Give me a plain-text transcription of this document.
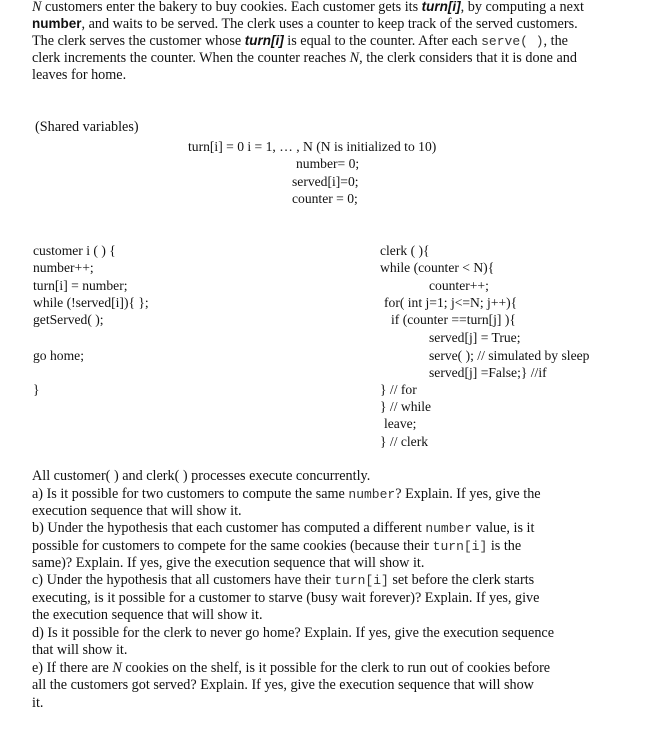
N customers enter the bakery to buy cookies. Each customer gets its turn[i], by computing a next
number, and waits to be served. The clerk uses a counter to keep track of the served customers.
The clerk serves the customer whose turn[i] is equal to the counter. After each serve( ), the
clerk increments the counter. When the counter reaches N, the clerk considers that it is done and
leaves for home.
(Shared variables)
turn[i] = 0 i = 1, … , N (N is initialized to 10)
number= 0;
served[i]=0;
counter = 0;
customer i ( ) {
number++;
turn[i] = number;
while (!served[i]){ };
getServed( );
go home;
}
clerk ( ){
while (counter < N){
counter++;
for( int j=1; j<=N; j++){
if (counter ==turn[j] ){
served[j] = True;
serve( ); // simulated by sleep
served[j] =False;} //if
} // for
} // while
leave;
} // clerk
All customer( ) and clerk( ) processes execute concurrently.
a) Is it possible for two customers to compute the same number? Explain. If yes, give the
execution sequence that will show it.
b) Under the hypothesis that each customer has computed a different number value, is it
possible for customers to compete for the same cookies (because their turn[i] is the
same)? Explain. If yes, give the execution sequence that will show it.
c) Under the hypothesis that all customers have their turn[i] set before the clerk starts
executing, is it possible for a customer to starve (busy wait forever)? Explain. If yes, give
the execution sequence that will show it.
d) Is it possible for the clerk to never go home? Explain. If yes, give the execution sequence
that will show it.
e) If there are N cookies on the shelf, is it possible for the clerk to run out of cookies before
all the customers got served? Explain. If yes, give the execution sequence that will show
it.
